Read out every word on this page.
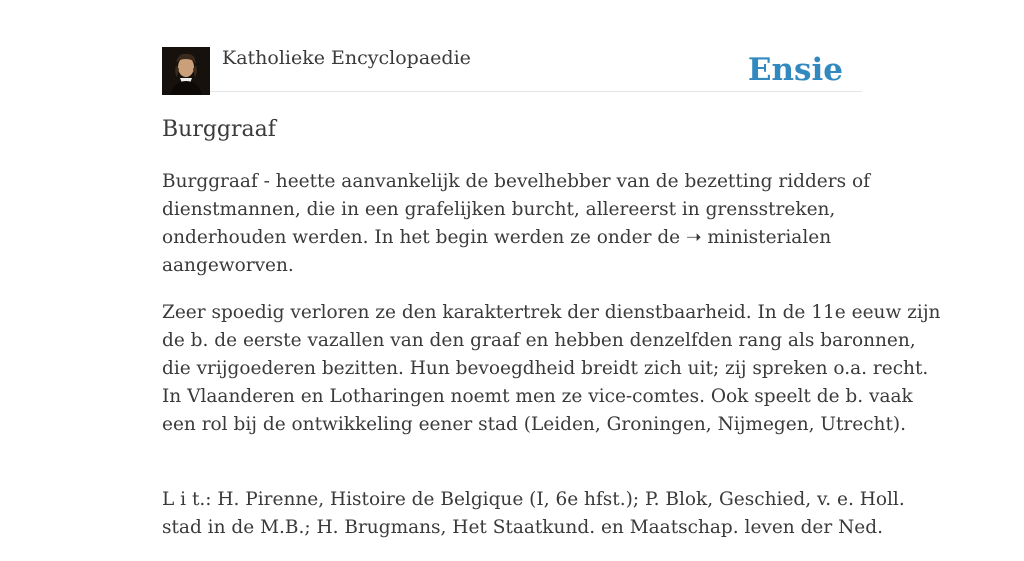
Katholieke Encyclopaedie	Ensie
Burggraaf

Burggraaf - heette aanvankelijk de bevelhebber van de bezetting ridders of
dienstmannen, die in een grafelijken burcht, allereerst in grensstreken,
onderhouden werden. In het begin werden ze onder de ➝ ministerialen
aangeworven.

Zeer spoedig verloren ze den karaktertrek der dienstbaarheid. In de 11e eeuw zijn
de b. de eerste vazallen van den graaf en hebben denzelfden rang als baronnen,
die vrijgoederen bezitten. Hun bevoegdheid breidt zich uit; zij spreken o.a. recht.
In Vlaanderen en Lotharingen noemt men ze vice-comtes. Ook speelt de b. vaak
een rol bij de ontwikkeling eener stad (Leiden, Groningen, Nijmegen, Utrecht).

L i t.: H. Pirenne, Histoire de Belgique (I, 6e hfst.); P. Blok, Geschied, v. e. Holl.
stad in de M.B.; H. Brugmans, Het Staatkund. en Maatschap. leven der Ned.
